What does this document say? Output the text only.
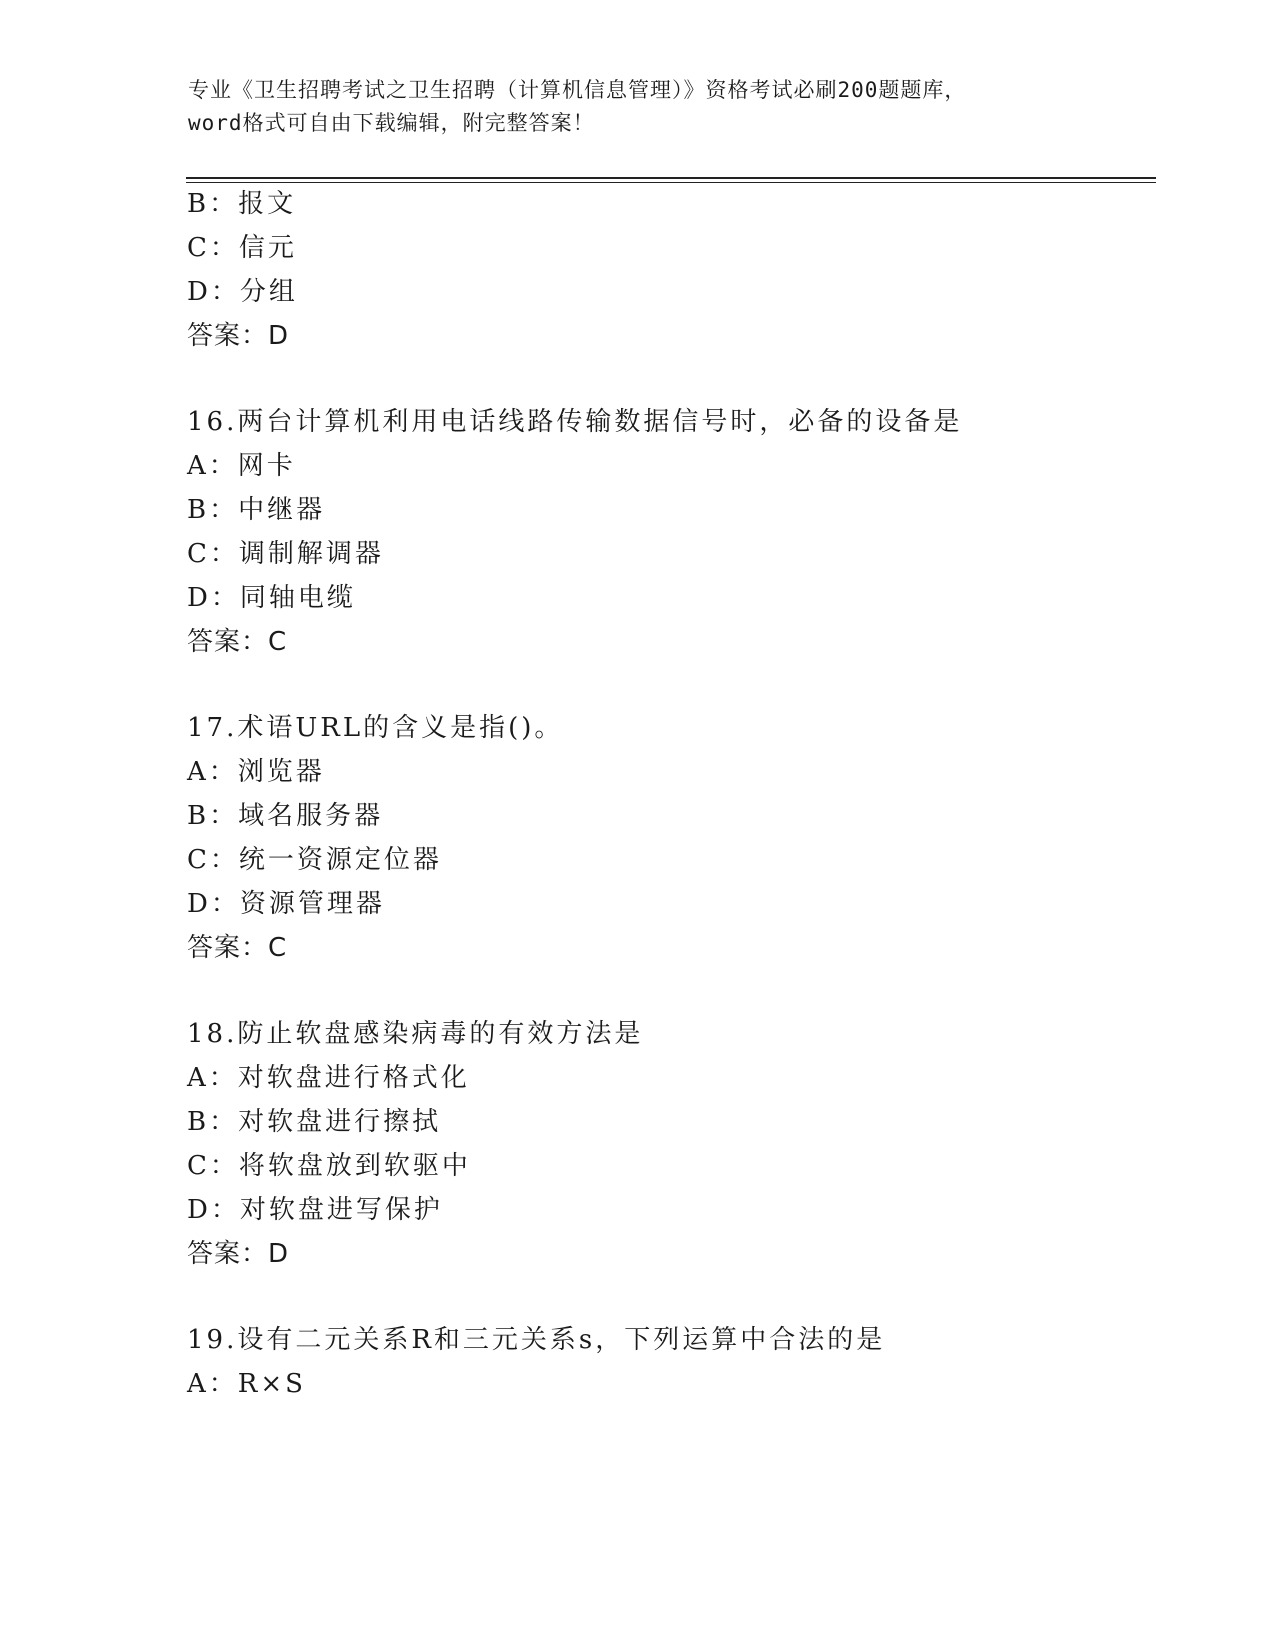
专业《卫生招聘考试之卫生招聘（计算机信息管理）》资格考试必刷200题题库，
word格式可自由下载编辑，附完整答案！
B：报文
C：信元
D：分组
答案：D
16.两台计算机利用电话线路传输数据信号时，必备的设备是
A：网卡
B：中继器
C：调制解调器
D：同轴电缆
答案：C
17.术语URL的含义是指()。
A：浏览器
B：域名服务器
C：统一资源定位器
D：资源管理器
答案：C
18.防止软盘感染病毒的有效方法是
A：对软盘进行格式化
B：对软盘进行擦拭
C：将软盘放到软驱中
D：对软盘进写保护
答案：D
19.设有二元关系R和三元关系s，下列运算中合法的是
A：R×S
